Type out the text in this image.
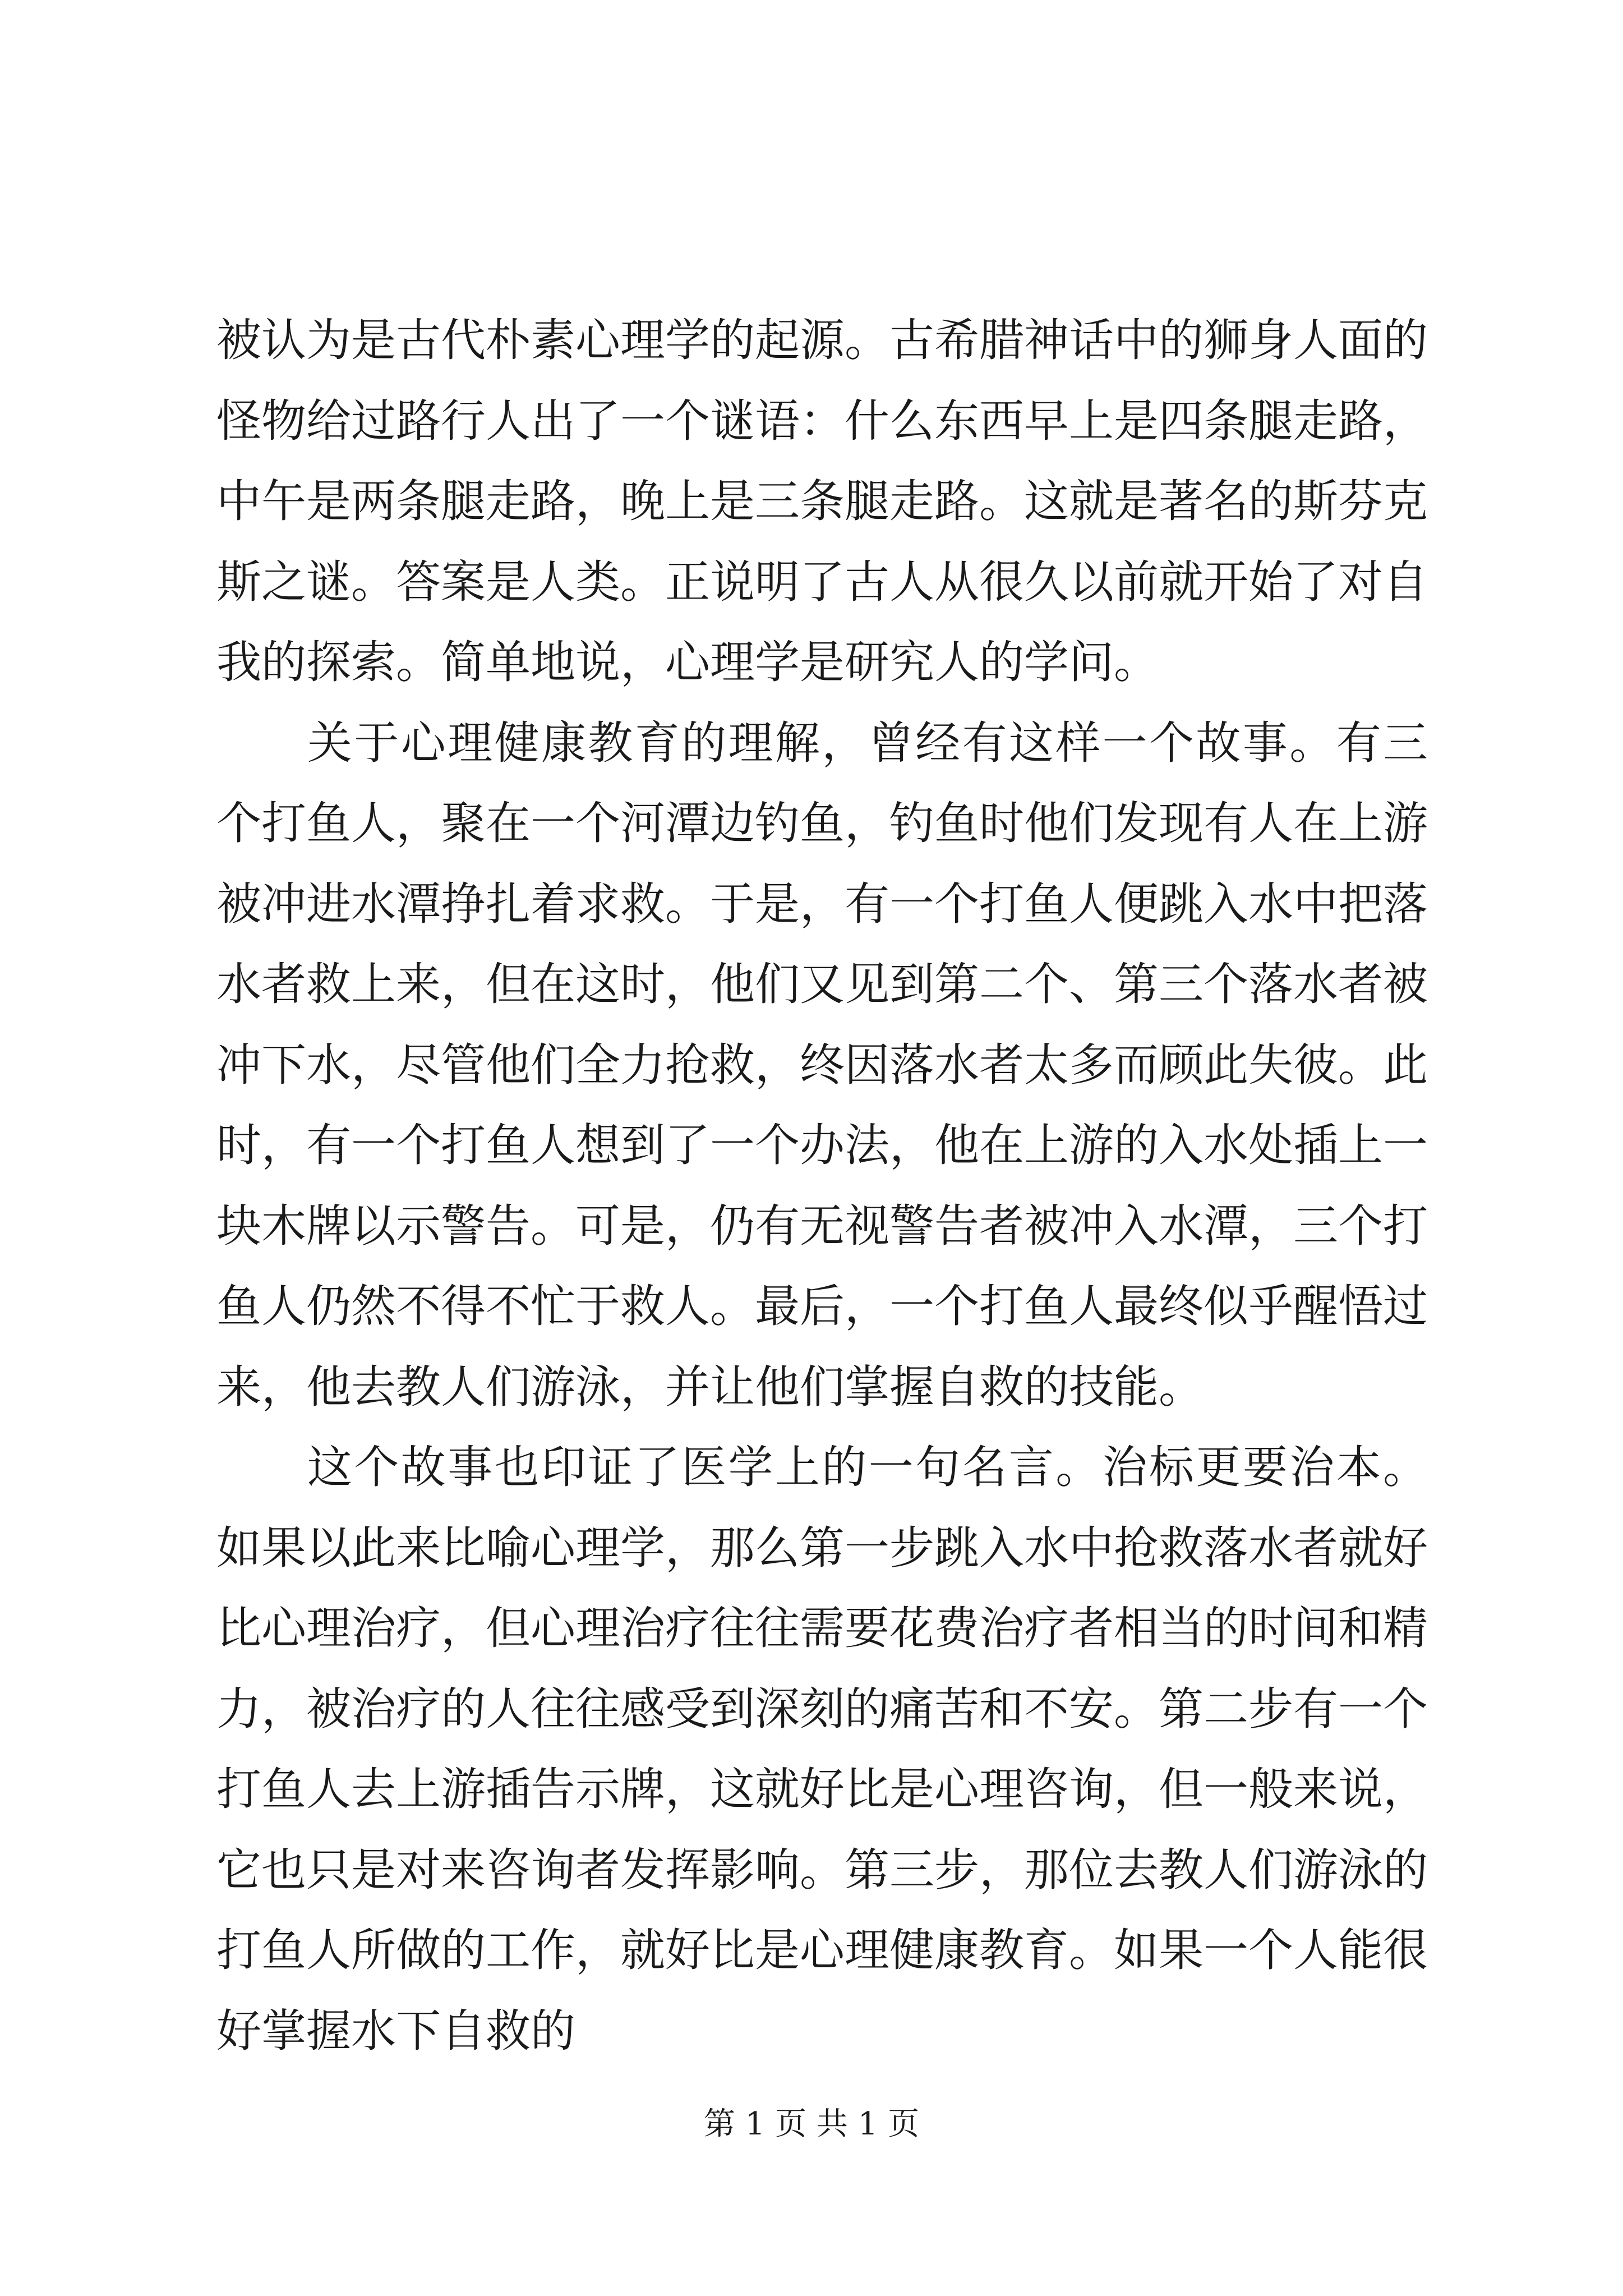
被认为是古代朴素心理学的起源。古希腊神话中的狮身人面的怪物给过路行人出了一个谜语：什么东西早上是四条腿走路，中午是两条腿走路，晚上是三条腿走路。这就是著名的斯芬克斯之谜。答案是人类。正说明了古人从很久以前就开始了对自我的探索。简单地说，心理学是研究人的学问。

关于心理健康教育的理解，曾经有这样一个故事。有三个打鱼人，聚在一个河潭边钓鱼，钓鱼时他们发现有人在上游被冲进水潭挣扎着求救。于是，有一个打鱼人便跳入水中把落水者救上来，但在这时，他们又见到第二个、第三个落水者被冲下水，尽管他们全力抢救，终因落水者太多而顾此失彼。此时，有一个打鱼人想到了一个办法，他在上游的入水处插上一块木牌以示警告。可是，仍有无视警告者被冲入水潭，三个打鱼人仍然不得不忙于救人。最后，一个打鱼人最终似乎醒悟过来，他去教人们游泳，并让他们掌握自救的技能。

这个故事也印证了医学上的一句名言。治标更要治本。如果以此来比喻心理学，那么第一步跳入水中抢救落水者就好比心理治疗，但心理治疗往往需要花费治疗者相当的时间和精力，被治疗的人往往感受到深刻的痛苦和不安。第二步有一个打鱼人去上游插告示牌，这就好比是心理咨询，但一般来说，它也只是对来咨询者发挥影响。第三步，那位去教人们游泳的打鱼人所做的工作，就好比是心理健康教育。如果一个人能很好掌握水下自救的

第 1 页 共 1 页
